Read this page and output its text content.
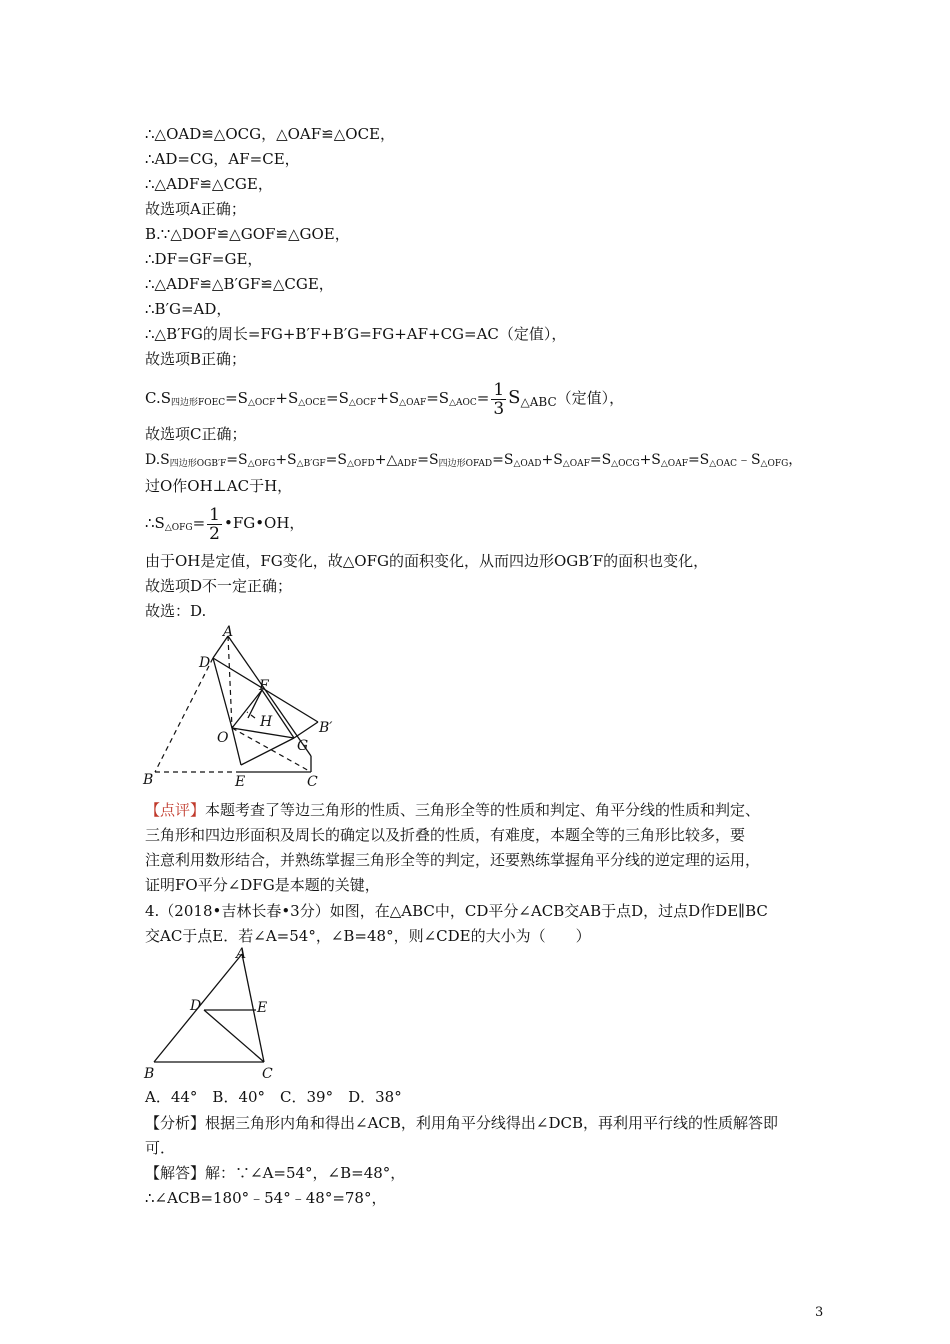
∴△OAD≌△OCG，△OAF≌△OCE，
∴AD=CG，AF=CE，
∴△ADF≌△CGE，
故选项A正确；
B.∵△DOF≌△GOF≌△GOE，
∴DF=GF=GE，
∴△ADF≌△B′GF≌△CGE，
∴B′G=AD，
∴△B′FG的周长=FG+B′F+B′G=FG+AF+CG=AC（定值），
故选项B正确；
$C.S_{四边形FOEC}=S_{\triangle OCF}+S_{\triangle OCE}=S_{\triangle OCF}+S_{\triangle OAF}=S_{\triangle AOC}= \frac{1}{3} S_{\triangle ABC}$（定值），
故选项C正确；
$D.S_{四边形OGB'F}=S_{\triangle OFG}+S_{\triangle B'GF}=S_{\triangle OFD}+\triangle_{ADF}=S_{四边形OFAD}=S_{\triangle OAD}+S_{\triangle OAF}=S_{\triangle OCG}+S_{\triangle OAF}=S_{\triangle OAC}﹣S_{\triangle OFG}$，
过O作OH⊥AC于H，
$\therefore S_{\triangle OFG}= \frac{1}{2}$ •FG•OH，
由于OH是定值，FG变化，故△OFG的面积变化，从而四边形OGB′F的面积也变化，
故选项D不一定正确；
故选：D.
A
D
F
H	B′
O	G
B	E	C
【点评】本题考查了等边三角形的性质、三角形全等的性质和判定、角平分线的性质和判定、
三角形和四边形面积及周长的确定以及折叠的性质，有难度，本题全等的三角形比较多，要
注意利用数形结合，并熟练掌握三角形全等的判定，还要熟练掌握角平分线的逆定理的运用，
证明FO平分∠DFG是本题的关键，
4.（2018•吉林长春•3分）如图，在△ABC中，CD平分∠ACB交AB于点D，过点D作DE∥BC
交AC于点E．若∠A=54°，∠B=48°，则∠CDE的大小为（　　）
A
D	E
B	C
A．44°　B．40°　C．39°　D．38°
【分析】根据三角形内角和得出∠ACB，利用角平分线得出∠DCB，再利用平行线的性质解答即
可．
【解答】解：∵∠A=54°，∠B=48°，
∴∠ACB=180°﹣54°﹣48°=78°，
3
